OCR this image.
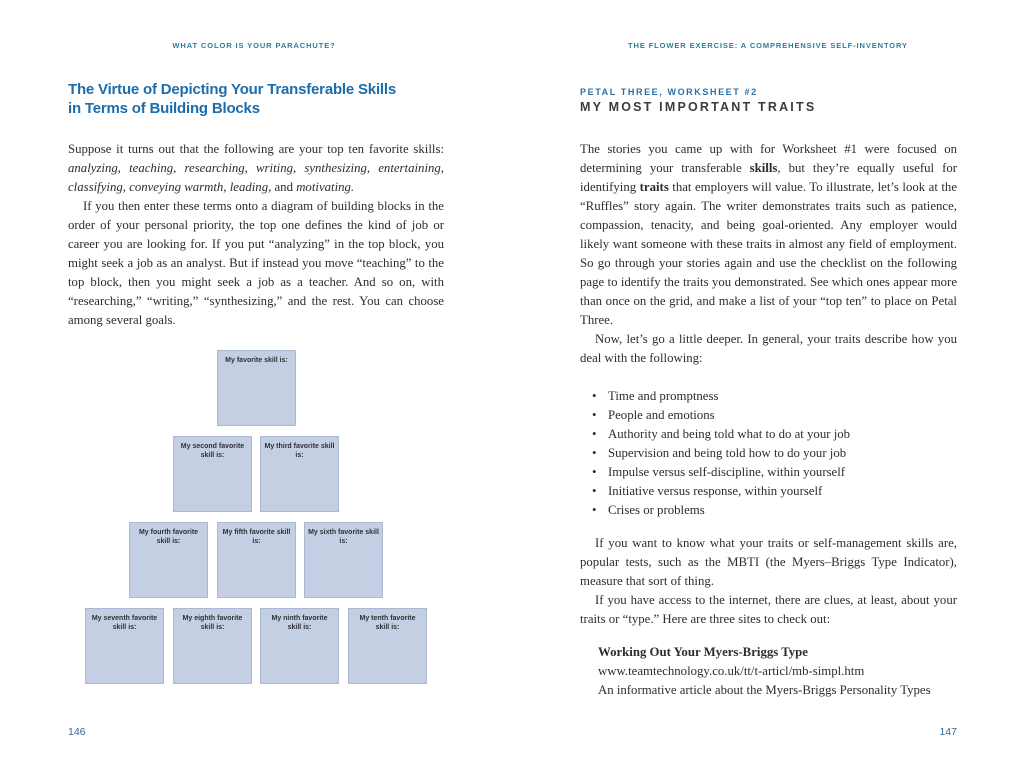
WHAT COLOR IS YOUR PARACHUTE?
The Virtue of Depicting Your Transferable Skills
in Terms of Building Blocks

Suppose it turns out that the following are your top ten favorite skills: analyzing, teaching, researching, writing, synthesizing, entertaining, classifying, conveying warmth, leading, and motivating.

If you then enter these terms onto a diagram of building blocks in the order of your personal priority, the top one defines the kind of job or career you are looking for. If you put “analyzing” in the top block, you might seek a job as an analyst. But if instead you move “teaching” to the top block, then you might seek a job as a teacher. And so on, with “researching,” “writing,” “synthesizing,” and the rest. You can choose among several goals.

My favorite skill is:
My second favorite skill is:
My third favorite skill is:
My fourth favorite skill is:
My fifth favorite skill is:
My sixth favorite skill is:
My seventh favorite skill is:
My eighth favorite skill is:
My ninth favorite skill is:
My tenth favorite skill is:
146
THE FLOWER EXERCISE: A COMPREHENSIVE SELF-INVENTORY
PETAL THREE, WORKSHEET #2
MY MOST IMPORTANT TRAITS

The stories you came up with for Worksheet #1 were focused on determining your transferable skills, but they’re equally useful for identifying traits that employers will value. To illustrate, let’s look at the “Ruffles” story again. The writer demonstrates traits such as patience, compassion, tenacity, and being goal-oriented. Any employer would likely want someone with these traits in almost any field of employment. So go through your stories again and use the checklist on the following page to identify the traits you demonstrated. See which ones appear more than once on the grid, and make a list of your “top ten” to place on Petal Three.

Now, let’s go a little deeper. In general, your traits describe how you deal with the following:

• Time and promptness
• People and emotions
• Authority and being told what to do at your job
• Supervision and being told how to do your job
• Impulse versus self-discipline, within yourself
• Initiative versus response, within yourself
• Crises or problems

If you want to know what your traits or self-management skills are, popular tests, such as the MBTI (the Myers–Briggs Type Indicator), measure that sort of thing.

If you have access to the internet, there are clues, at least, about your traits or “type.” Here are three sites to check out:

Working Out Your Myers-Briggs Type
www.teamtechnology.co.uk/tt/t-articl/mb-simpl.htm
An informative article about the Myers-Briggs Personality Types
147
